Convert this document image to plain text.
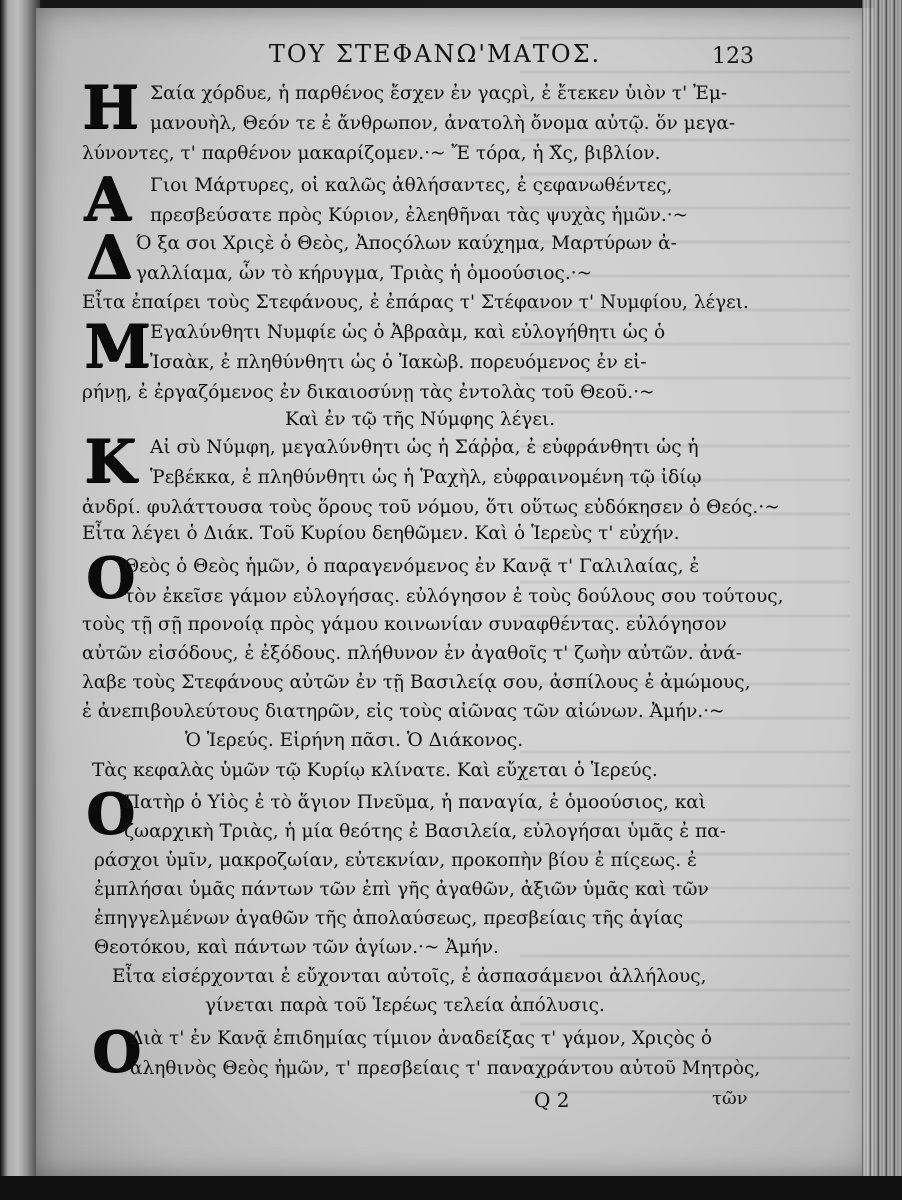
ΤΟΥ ΣΤΕΦΑΝΩ'ΜΑΤΟΣ.	123
Η Σαία χόρδυε, ἡ παρθένος ἔσχεν ἐν γαςρὶ, ἐ ἔτεκεν ὑιὸν τ' Ἐμ-
μανουὴλ, Θεόν τε ἐ ἄνθρωπον, ἀνατολὴ ὄνομα αὐτῷ. ὅν μεγα-
λύνοντες, τ' παρθένον μακαρίζομεν.·~ Ἔ τόρα, ἡ Χ̃ς, βιβλίον.
Α Γιοι Μάρτυρες, οἱ καλῶς ἀθλήσαντες, ἐ ςεφανωθέντες,
πρεσβεύσατε πρὸς Κύριον, ἐλεηθῆναι τὰς ψυχὰς ἡμῶν.·~
Δ Ό ξα σοι Χριςὲ ὁ Θεὸς, Ἀποςόλων καύχημα, Μαρτύρων ἀ-
γαλλίαμα, ὧν τὸ κήρυγμα, Τριὰς ἡ ὁμοούσιος.·~
Εἶτα ἐπαίρει τοὺς Στεφάνους, ἐ ἐπάρας τ' Στέφανον τ' Νυμφίου, λέγει.
Μ Εγαλύνθητι Νυμφίε ὡς ὁ Ἀβραὰμ, καὶ εὐλογήθητι ὡς ὁ
Ἰσαὰκ, ἐ πληθύνθητι ὡς ὁ Ἰακὼβ. πορευόμενος ἐν εἰ-
ρήνῃ, ἐ ἐργαζόμενος ἐν δικαιοσύνῃ τὰς ἐντολὰς τοῦ Θεοῦ.·~
Καὶ ἐν τῷ τῆς Νύμφης λέγει.
Κ Αἰ σὺ Νύμφη, μεγαλύνθητι ὡς ἡ Σάῤῥα, ἐ εὐφράνθητι ὡς ἡ
Ῥεβέκκα, ἐ πληθύνθητι ὡς ἡ Ῥαχὴλ, εὐφραινομένη τῷ ἰδίῳ
ἀνδρί. φυλάττουσα τοὺς ὅρους τοῦ νόμου, ὅτι οὕτως εὐδόκησεν ὁ Θεός.·~
Εἶτα λέγει ὁ Διάκ. Τοῦ Κυρίου δεηθῶμεν. Καὶ ὁ Ἱερεὺς τ' εὐχήν.
Ο
Θεὸς ὁ Θεὸς ἡμῶν, ὁ παραγενόμενος ἐν Κανᾷ τ' Γαλιλαίας, ἐ
τὸν ἐκεῖσε γάμον εὐλογήσας. εὐλόγησον ἐ τοὺς δούλους σου τούτους,
τοὺς τῇ σῇ προνοίᾳ πρὸς γάμου κοινωνίαν συναφθέντας. εὐλόγησον
αὐτῶν εἰσόδους, ἐ ἐξόδους. πλήθυνον ἐν ἀγαθοῖς τ' ζωὴν αὐτῶν. ἀνά-
λαβε τοὺς Στεφάνους αὐτῶν ἐν τῇ Βασιλείᾳ σου, ἀσπίλους ἐ ἀμώμους,
ἐ ἀνεπιβουλεύτους διατηρῶν, εἰς τοὺς αἰῶνας τῶν αἰώνων. Ἀμήν.·~
Ὁ Ἱερεύς. Εἰρήνη πᾶσι. Ὁ Διάκονος.
Τὰς κεφαλὰς ὑμῶν τῷ Κυρίῳ κλίνατε. Καὶ εὔχεται ὁ Ἱερεύς.
Ο
Πατὴρ ὁ Υἱὸς ἐ τὸ ἅγιον Πνεῦμα, ἡ παναγία, ἐ ὁμοούσιος, καὶ
ζωαρχικὴ Τριὰς, ἡ μία θεότης ἐ Βασιλεία, εὐλογήσαι ὑμᾶς ἐ πα-
ράσχοι ὑμῖν, μακροζωίαν, εὐτεκνίαν, προκοπὴν βίου ἐ πίςεως. ἐ
ἐμπλήσαι ὑμᾶς πάντων τῶν ἐπὶ γῆς ἀγαθῶν, ἀξιῶν ὑμᾶς καὶ τῶν
ἐπηγγελμένων ἀγαθῶν τῆς ἀπολαύσεως, πρεσβείαις τῆς ἁγίας
Θεοτόκου, καὶ πάντων τῶν ἁγίων.·~ Ἀμήν.
Εἶτα εἰσέρχονται ἐ εὔχονται αὐτοῖς, ἐ ἀσπασάμενοι ἀλλήλους,
γίνεται παρὰ τοῦ Ἱερέως τελεία ἀπόλυσις.
Ο
Διὰ τ' ἐν Κανᾷ ἐπιδημίας τίμιον ἀναδείξας τ' γάμον, Χριςὸς ὁ
ἀληθινὸς Θεὸς ἡμῶν, τ' πρεσβείαις τ' παναχράντου αὐτοῦ Μητρὸς,
Q 2	τῶν
